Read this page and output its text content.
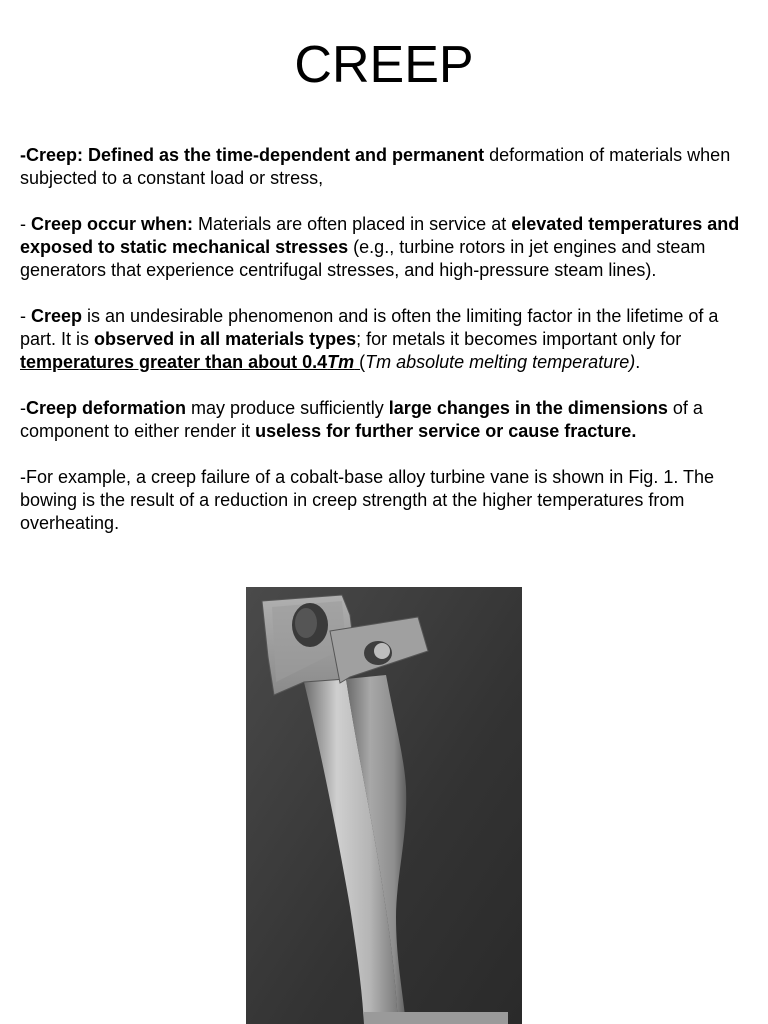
CREEP

-Creep: Defined as the time-dependent and permanent deformation of materials when subjected to a constant load or stress,

- Creep occur when: Materials are often placed in service at elevated temperatures and exposed to static mechanical stresses (e.g., turbine rotors in jet engines and steam generators that experience centrifugal stresses, and high-pressure steam lines).

- Creep is an undesirable phenomenon and is often the limiting factor in the lifetime of a part. It is observed in all materials types; for metals it becomes important only for temperatures greater than about 0.4Tm (Tm absolute melting temperature).

-Creep deformation may produce sufficiently large changes in the dimensions of a component to either render it useless for further service or cause fracture.

-For example, a creep failure of a cobalt-base alloy turbine vane is shown in Fig. 1. The bowing is the result of a reduction in creep strength at the higher temperatures from overheating.
